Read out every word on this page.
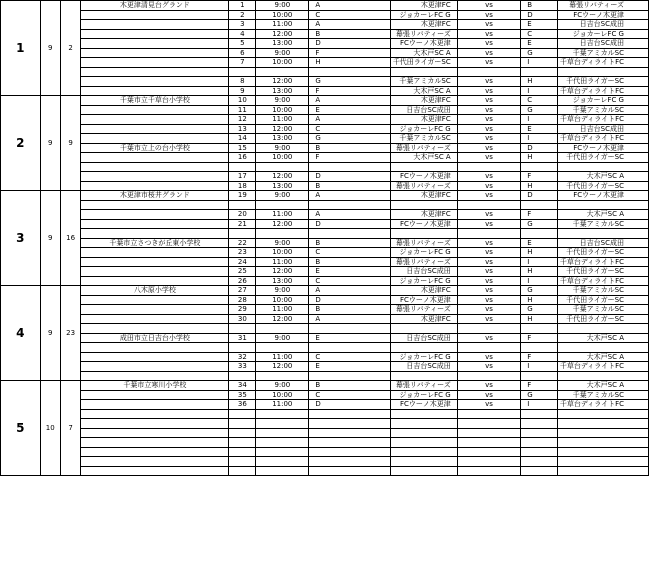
1	9	2	木更津清見台グランド	1	9:00	A	木更津FC	vs	B	幕張リバティーズ
				2	10:00	C	ジョカーレFC G	vs	D	FCウーノ木更津
				3	11:00	A	木更津FC	vs	E	日吉台SC成田
				4	12:00	B	幕張リバティーズ	vs	C	ジョカーレFC G
				5	13:00	D	FCウーノ木更津	vs	E	日吉台SC成田
				6	9:00	F	大木戸SC A	vs	G	千葉アミカルSC
				7	10:00	H	千代田ライガーSC	vs	I	千草台ディライトFC

				8	12:00	G	千葉アミカルSC	vs	H	千代田ライガーSC
				9	13:00	F	大木戸SC A	vs	I	千草台ディライトFC
2	9	9	千葉市立千草台小学校	10	9:00	A	木更津FC	vs	C	ジョカーレFC G
				11	10:00	E	日吉台SC成田	vs	G	千葉アミカルSC
				12	11:00	A	木更津FC	vs	I	千草台ディライトFC
				13	12:00	C	ジョカーレFC G	vs	E	日吉台SC成田
				14	13:00	G	千葉アミカルSC	vs	I	千草台ディライトFC
			千葉市立上の台小学校	15	9:00	B	幕張リバティーズ	vs	D	FCウーノ木更津
				16	10:00	F	大木戸SC A	vs	H	千代田ライガーSC

				17	12:00	D	FCウーノ木更津	vs	F	大木戸SC A
				18	13:00	B	幕張リバティーズ	vs	H	千代田ライガーSC
3	9	16	木更津市桜井グランド	19	9:00	A	木更津FC	vs	D	FCウーノ木更津

				20	11:00	A	木更津FC	vs	F	大木戸SC A
				21	12:00	D	FCウーノ木更津	vs	G	千葉アミカルSC

			千葉市立さつきが丘東小学校	22	9:00	B	幕張リバティーズ	vs	E	日吉台SC成田
				23	10:00	C	ジョカーレFC G	vs	H	千代田ライガーSC
				24	11:00	B	幕張リバティーズ	vs	I	千草台ディライトFC
				25	12:00	E	日吉台SC成田	vs	H	千代田ライガーSC
				26	13:00	C	ジョカーレFC G	vs	I	千草台ディライトFC
4	9	23	八木原小学校	27	9:00	A	木更津FC	vs	G	千葉アミカルSC
				28	10:00	D	FCウーノ木更津	vs	H	千代田ライガーSC
				29	11:00	B	幕張リバティーズ	vs	G	千葉アミカルSC
				30	12:00	A	木更津FC	vs	H	千代田ライガーSC

			成田市立日吉台小学校	31	9:00	E	日吉台SC成田	vs	F	大木戸SC A

				32	11:00	C	ジョカーレFC G	vs	F	大木戸SC A
				33	12:00	E	日吉台SC成田	vs	I	千草台ディライトFC

5	10	7	千葉市立寒川小学校	34	9:00	B	幕張リバティーズ	vs	F	大木戸SC A
				35	10:00	C	ジョカーレFC G	vs	G	千葉アミカルSC
				36	11:00	D	FCウーノ木更津	vs	I	千草台ディライトFC
